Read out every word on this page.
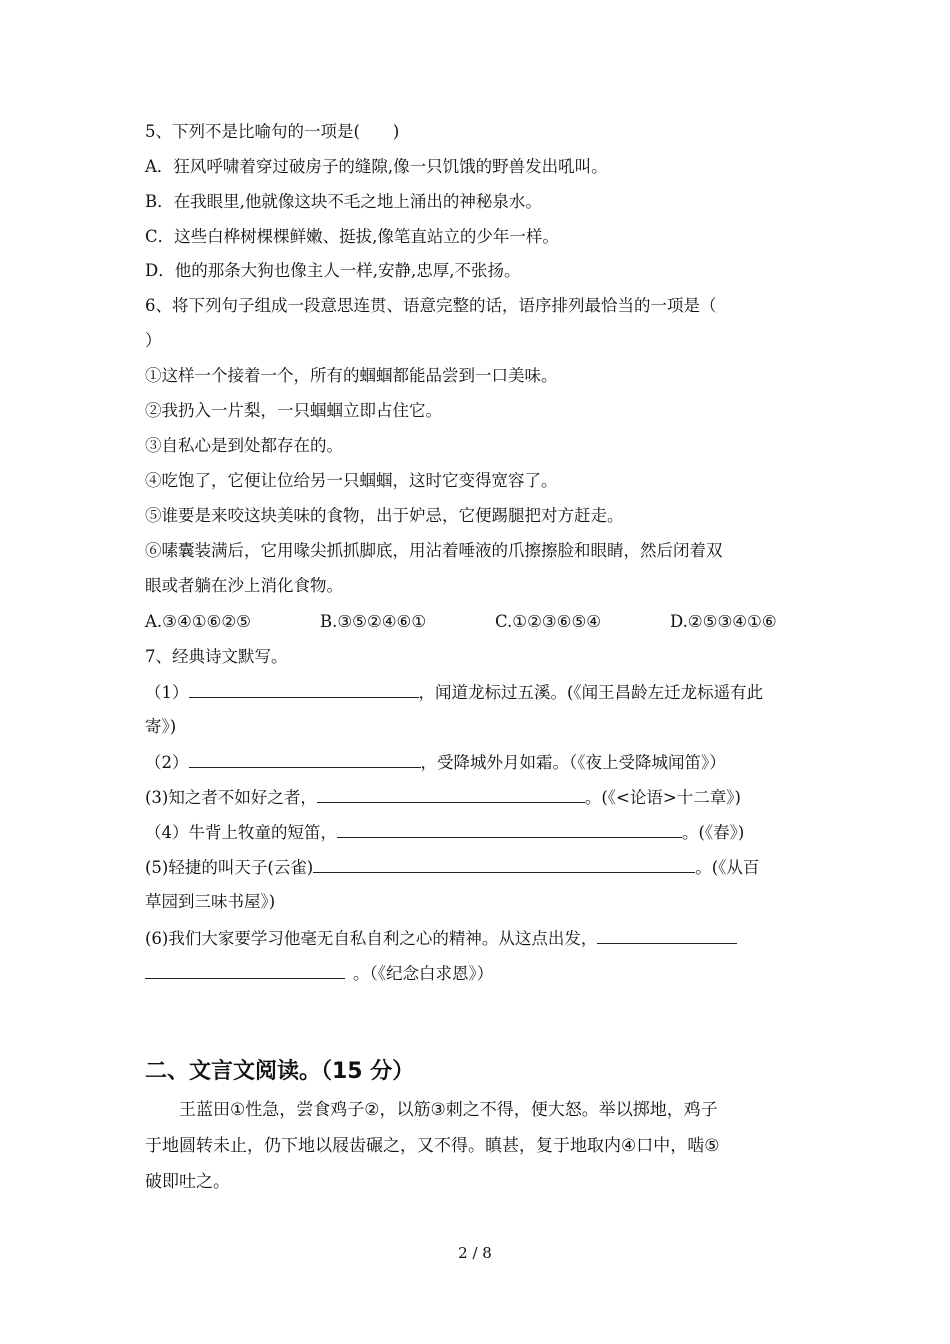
5、下列不是比喻句的一项是(　　)
A．狂风呼啸着穿过破房子的缝隙,像一只饥饿的野兽发出吼叫。
B．在我眼里,他就像这块不毛之地上涌出的神秘泉水。
C．这些白桦树棵棵鲜嫩、挺拔,像笔直站立的少年一样。
D．他的那条大狗也像主人一样,安静,忠厚,不张扬。
6、将下列句子组成一段意思连贯、语意完整的话，语序排列最恰当的一项是（
）
①这样一个接着一个，所有的蝈蝈都能品尝到一口美味。
②我扔入一片梨，一只蝈蝈立即占住它。
③自私心是到处都存在的。
④吃饱了，它便让位给另一只蝈蝈，这时它变得宽容了。
⑤谁要是来咬这块美味的食物，出于妒忌，它便踢腿把对方赶走。
⑥嗉囊装满后，它用喙尖抓抓脚底，用沾着唾液的爪擦擦脸和眼睛，然后闭着双
眼或者躺在沙上消化食物。
A.③④①⑥②⑤	B.③⑤②④⑥①	C.①②③⑥⑤④	D.②⑤③④①⑥
7、经典诗文默写。
（1）	，闻道龙标过五溪。(《闻王昌龄左迁龙标遥有此
寄》)
（2）	，受降城外月如霜。（《夜上受降城闻笛》）
(3)知之者不如好之者，	。(《<论语>十二章》)
（4）牛背上牧童的短笛，	。(《春》)
(5)轻捷的叫天子(云雀)	。(《从百
草园到三味书屋》)
(6)我们大家要学习他毫无自私自利之心的精神。从这点出发，
。（《纪念白求恩》）
二、文言文阅读。（15 分）
王蓝田①性急，尝食鸡子②，以筋③刺之不得，便大怒。举以掷地，鸡子
于地圆转未止，仍下地以屐齿碾之，又不得。瞋甚，复于地取内④口中，啮⑤
破即吐之。
2 / 8
